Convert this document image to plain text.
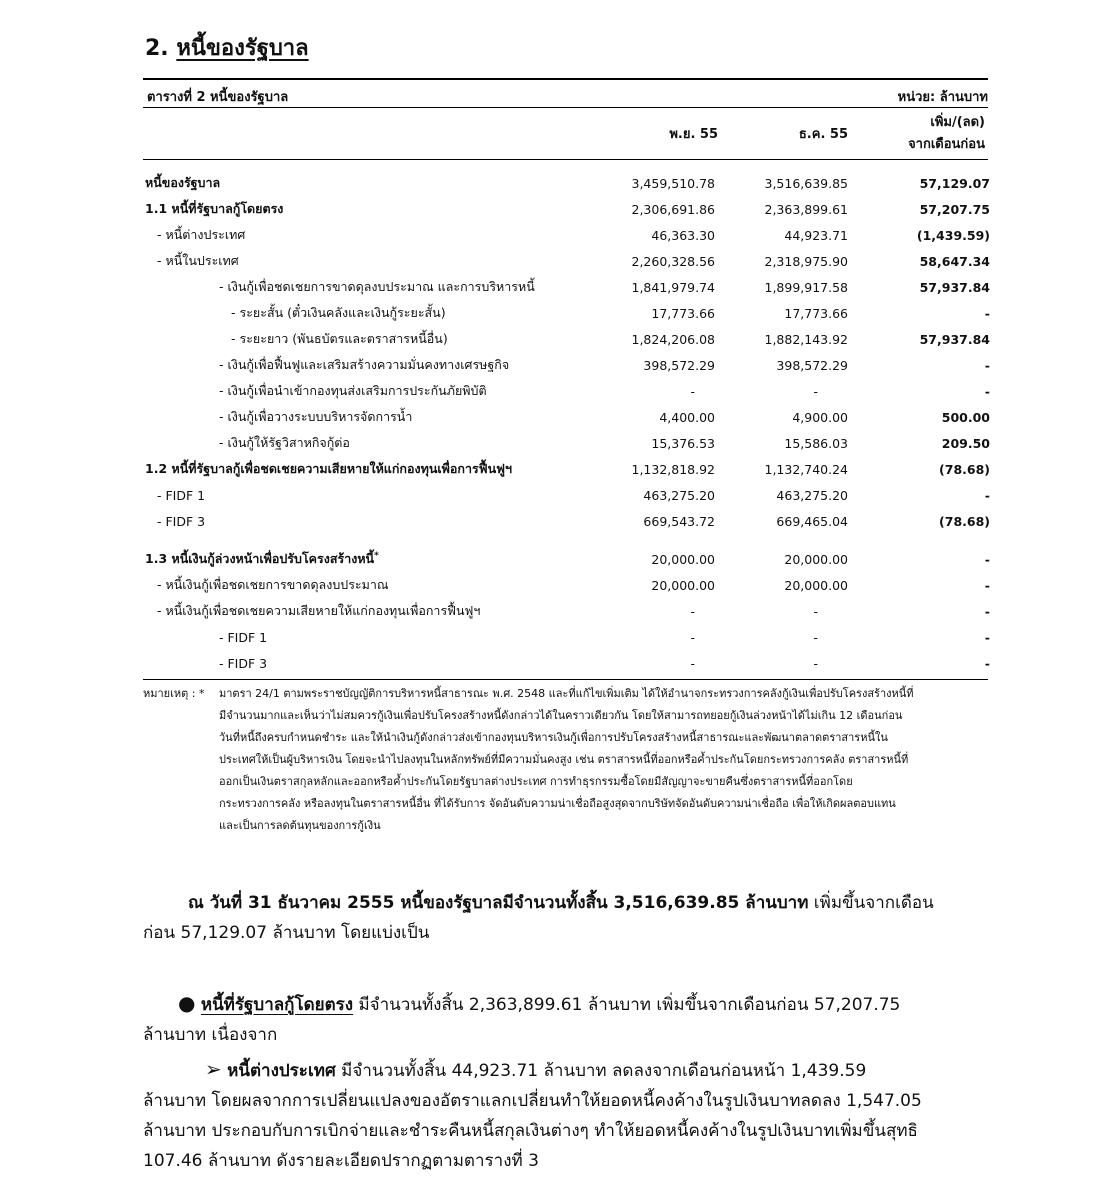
2. หนี้ของรัฐบาล
ตารางที่ 2 หนี้ของรัฐบาล	หน่วย: ล้านบาท
พ.ย. 55	ธ.ค. 55
เพิ่ม/(ลด)
จากเดือนก่อน
หนี้ของรัฐบาล	3,459,510.78	3,516,639.85	57,129.07
1.1 หนี้ที่รัฐบาลกู้โดยตรง	2,306,691.86	2,363,899.61	57,207.75
- หนี้ต่างประเทศ	46,363.30	44,923.71	(1,439.59)
- หนี้ในประเทศ	2,260,328.56	2,318,975.90	58,647.34
- เงินกู้เพื่อชดเชยการขาดดุลงบประมาณ และการบริหารหนี้	1,841,979.74	1,899,917.58	57,937.84
- ระยะสั้น (ตั๋วเงินคลังและเงินกู้ระยะสั้น)	17,773.66	17,773.66	-
- ระยะยาว (พันธบัตรและตราสารหนี้อื่น)	1,824,206.08	1,882,143.92	57,937.84
- เงินกู้เพื่อฟื้นฟูและเสริมสร้างความมั่นคงทางเศรษฐกิจ	398,572.29	398,572.29	-
- เงินกู้เพื่อนำเข้ากองทุนส่งเสริมการประกันภัยพิบัติ	-	-	-
- เงินกู้เพื่อวางระบบบริหารจัดการน้ำ	4,400.00	4,900.00	500.00
- เงินกู้ให้รัฐวิสาหกิจกู้ต่อ	15,376.53	15,586.03	209.50
1.2 หนี้ที่รัฐบาลกู้เพื่อชดเชยความเสียหายให้แก่กองทุนเพื่อการฟื้นฟูฯ	1,132,818.92	1,132,740.24	(78.68)
- FIDF 1	463,275.20	463,275.20	-
- FIDF 3	669,543.72	669,465.04	(78.68)

1.3 หนี้เงินกู้ล่วงหน้าเพื่อปรับโครงสร้างหนี้*	20,000.00	20,000.00	-
- หนี้เงินกู้เพื่อชดเชยการขาดดุลงบประมาณ	20,000.00	20,000.00	-
- หนี้เงินกู้เพื่อชดเชยความเสียหายให้แก่กองทุนเพื่อการฟื้นฟูฯ	-	-	-
- FIDF 1	-	-	-
- FIDF 3	-	-	-
หมายเหตุ : * มาตรา 24/1 ตามพระราชบัญญัติการบริหารหนี้สาธารณะ พ.ศ. 2548 และที่แก้ไขเพิ่มเติม ได้ให้อำนาจกระทรวงการคลังกู้เงินเพื่อปรับโครงสร้างหนี้ที่
มีจำนวนมากและเห็นว่าไม่สมควรกู้เงินเพื่อปรับโครงสร้างหนี้ดังกล่าวได้ในคราวเดียวกัน โดยให้สามารถทยอยกู้เงินล่วงหน้าได้ไม่เกิน 12 เดือนก่อน
วันที่หนี้ถึงครบกำหนดชำระ และให้นำเงินกู้ดังกล่าวส่งเข้ากองทุนบริหารเงินกู้เพื่อการปรับโครงสร้างหนี้สาธารณะและพัฒนาตลาดตราสารหนี้ใน
ประเทศให้เป็นผู้บริหารเงิน โดยจะนำไปลงทุนในหลักทรัพย์ที่มีความมั่นคงสูง เช่น ตราสารหนี้ที่ออกหรือค้ำประกันโดยกระทรวงการคลัง ตราสารหนี้ที่
ออกเป็นเงินตราสกุลหลักและออกหรือค้ำประกันโดยรัฐบาลต่างประเทศ การทำธุรกรรมซื้อโดยมีสัญญาจะขายคืนซึ่งตราสารหนี้ที่ออกโดย
กระทรวงการคลัง หรือลงทุนในตราสารหนี้อื่น ที่ได้รับการ จัดอันดับความน่าเชื่อถือสูงสุดจากบริษัทจัดอันดับความน่าเชื่อถือ เพื่อให้เกิดผลตอบแทน
และเป็นการลดต้นทุนของการกู้เงิน
ณ วันที่ 31 ธันวาคม 2555 หนี้ของรัฐบาลมีจำนวนทั้งสิ้น 3,516,639.85 ล้านบาท เพิ่มขึ้นจากเดือน
ก่อน 57,129.07 ล้านบาท โดยแบ่งเป็น
● หนี้ที่รัฐบาลกู้โดยตรง มีจำนวนทั้งสิ้น 2,363,899.61 ล้านบาท เพิ่มขึ้นจากเดือนก่อน 57,207.75
ล้านบาท เนื่องจาก
➢ หนี้ต่างประเทศ มีจำนวนทั้งสิ้น 44,923.71 ล้านบาท ลดลงจากเดือนก่อนหน้า 1,439.59
ล้านบาท โดยผลจากการเปลี่ยนแปลงของอัตราแลกเปลี่ยนทำให้ยอดหนี้คงค้างในรูปเงินบาทลดลง 1,547.05
ล้านบาท ประกอบกับการเบิกจ่ายและชำระคืนหนี้สกุลเงินต่างๆ ทำให้ยอดหนี้คงค้างในรูปเงินบาทเพิ่มขึ้นสุทธิ
107.46 ล้านบาท ดังรายละเอียดปรากฏตามตารางที่ 3
